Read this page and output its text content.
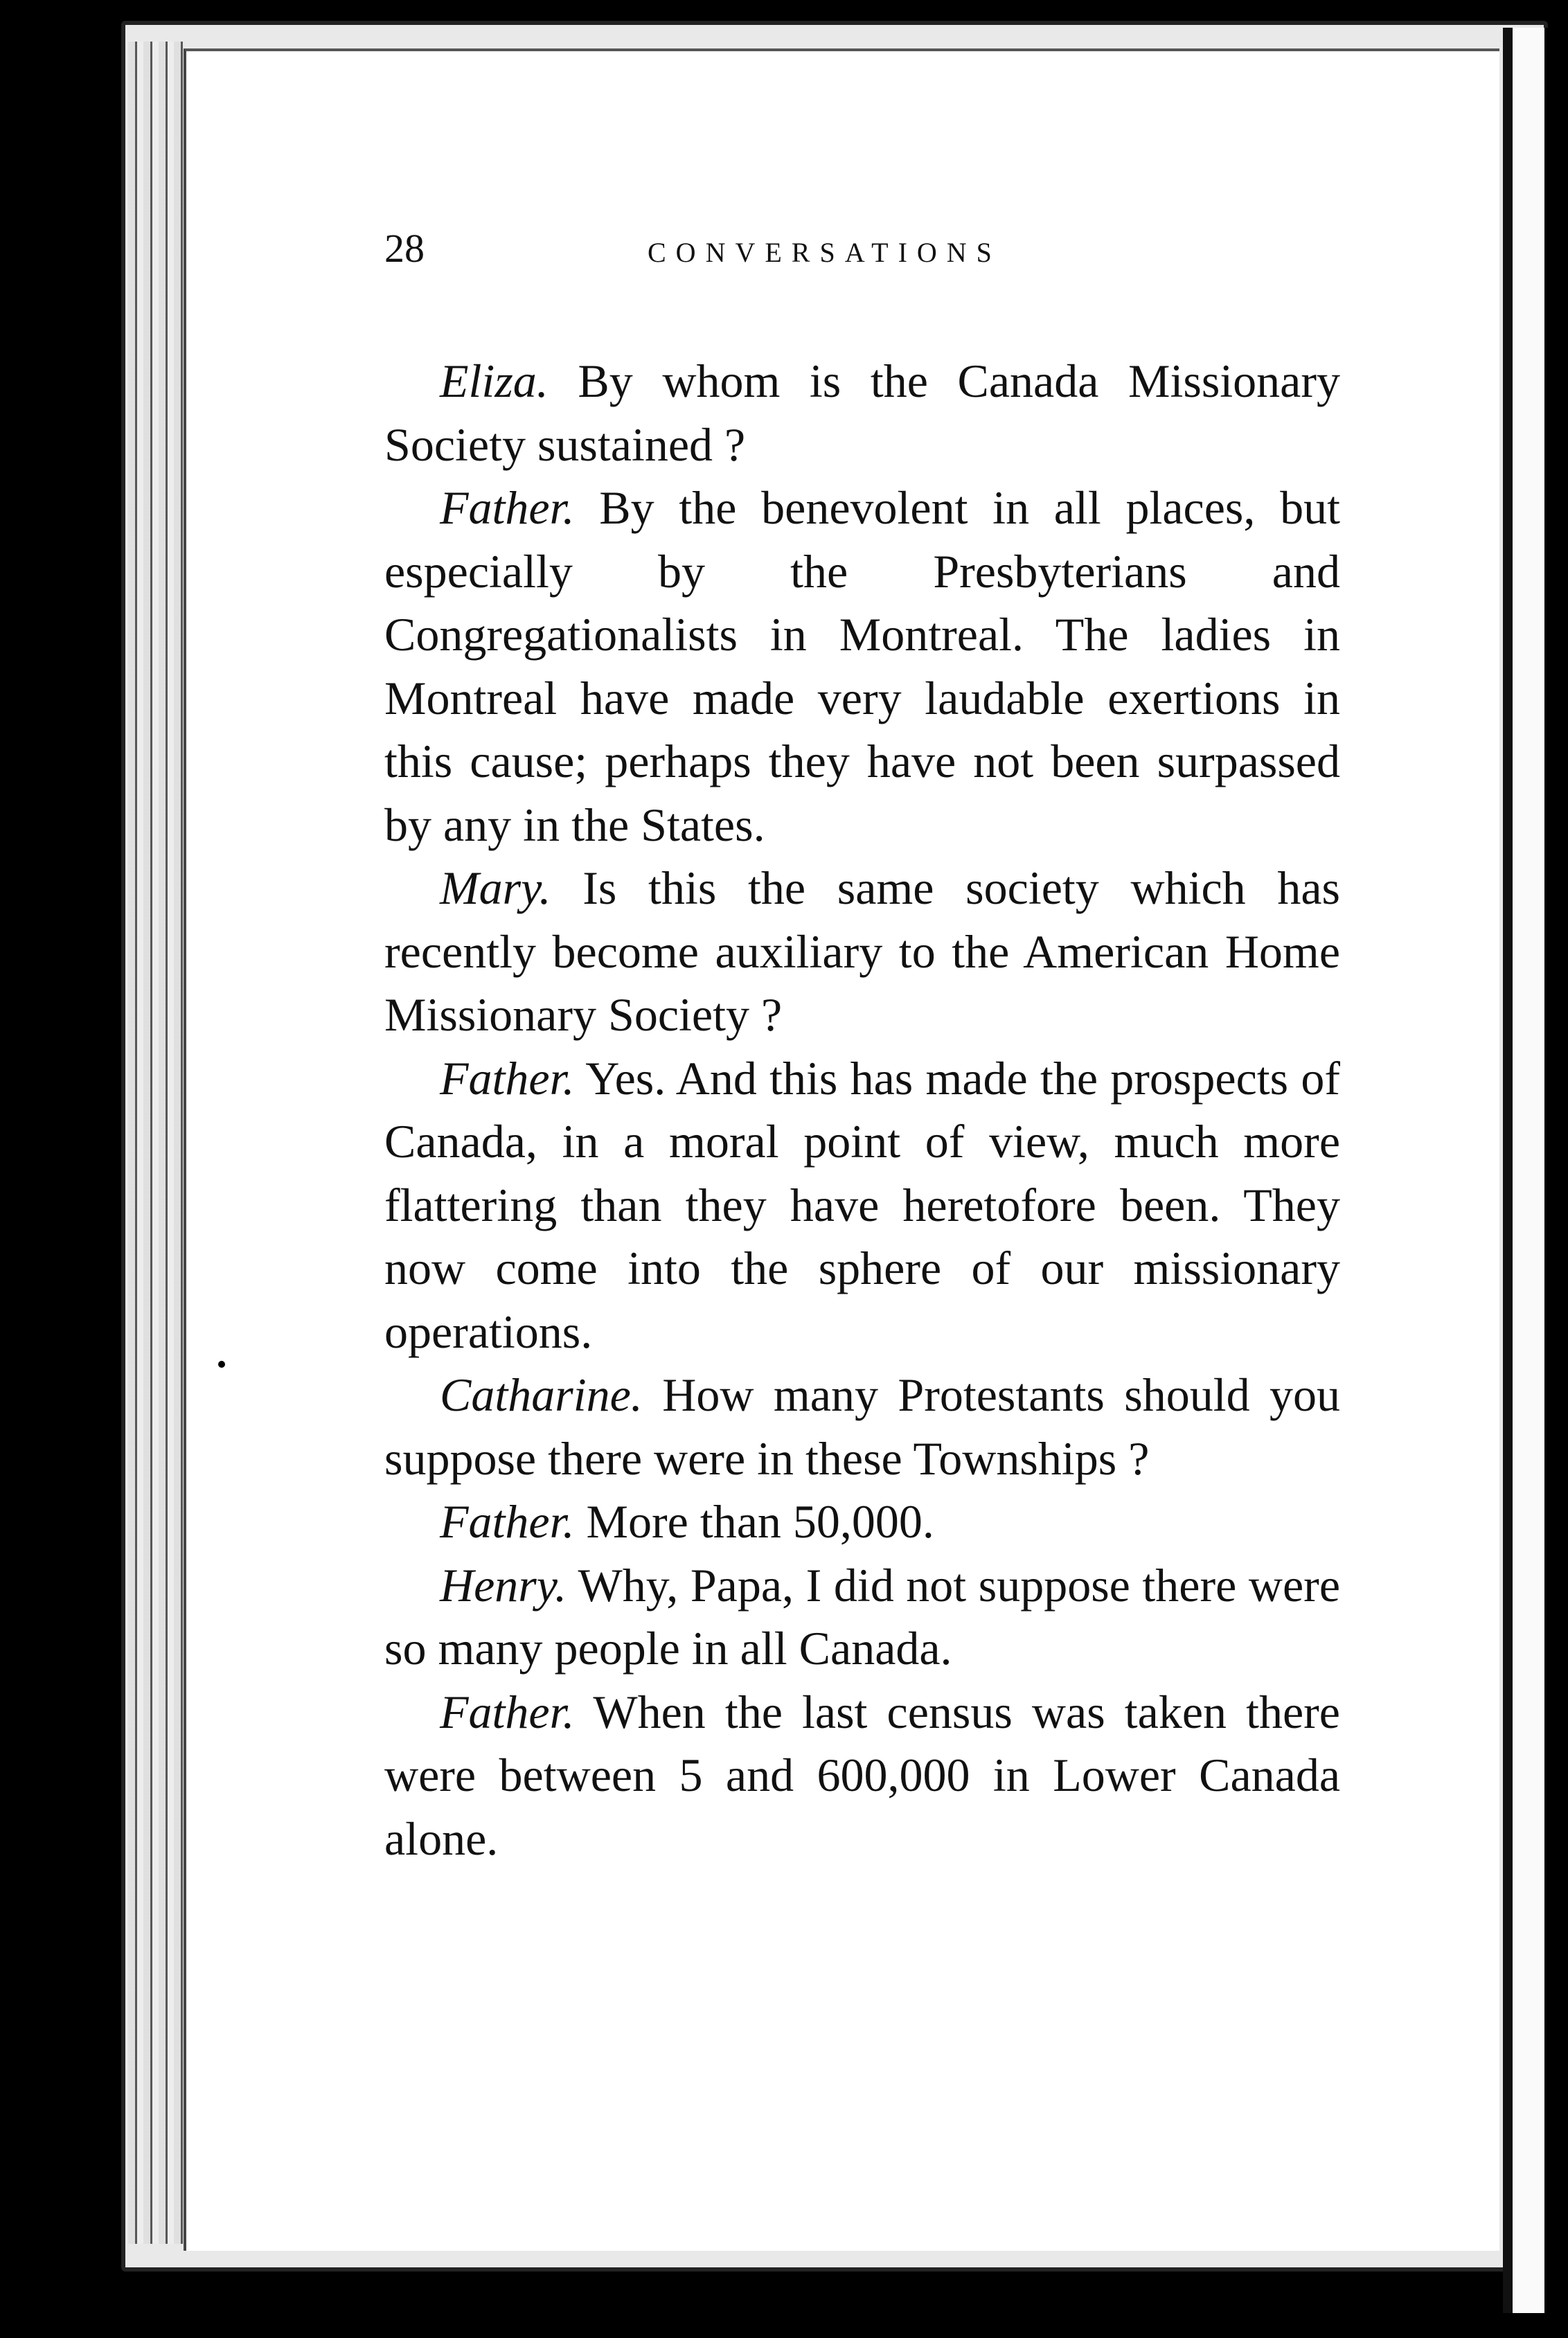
28	CONVERSATIONS

Eliza. By whom is the Canada Missionary Society sustained ?

Father. By the benevolent in all places, but especially by the Presbyterians and Congregationalists in Montreal. The ladies in Montreal have made very laudable exertions in this cause; perhaps they have not been surpassed by any in the States.

Mary. Is this the same society which has recently become auxiliary to the American Home Missionary Society ?

Father. Yes. And this has made the prospects of Canada, in a moral point of view, much more flattering than they have heretofore been. They now come into the sphere of our missionary operations.

Catharine. How many Protestants should you suppose there were in these Townships ?

Father. More than 50,000.

Henry. Why, Papa, I did not suppose there were so many people in all Canada.

Father. When the last census was taken there were between 5 and 600,000 in Lower Canada alone.
